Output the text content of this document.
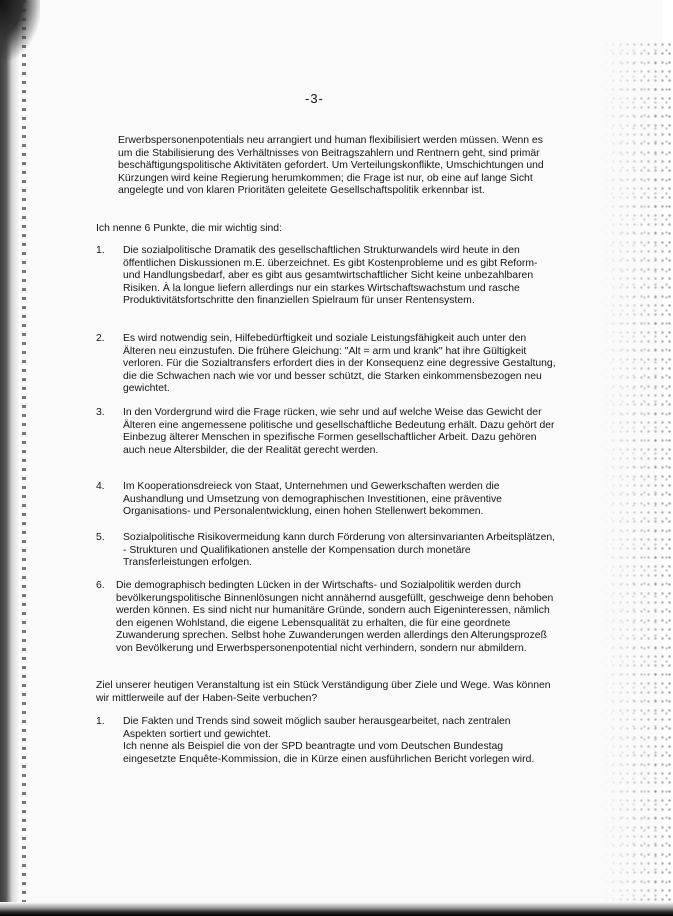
-3-
Erwerbspersonenpotentials neu arrangiert und human flexibilisiert werden müssen. Wenn es um die Stabilisierung des Verhältnisses von Beitragszahlern und Rentnern geht, sind primär beschäftigungspolitische Aktivitäten gefordert. Um Verteilungskonflikte, Umschichtungen und Kürzungen wird keine Regierung herumkommen; die Frage ist nur, ob eine auf lange Sicht angelegte und von klaren Prioritäten geleitete Gesellschaftspolitik erkennbar ist.
Ich nenne 6 Punkte, die mir wichtig sind:
1.	Die sozialpolitische Dramatik des gesellschaftlichen Strukturwandels wird heute in den öffentlichen Diskussionen m.E. überzeichnet. Es gibt Kostenprobleme und es gibt Reform- und Handlungsbedarf, aber es gibt aus gesamtwirtschaftlicher Sicht keine unbezahlbaren Risiken. À la longue liefern allerdings nur ein starkes Wirtschaftswachstum und rasche Produktivitätsfortschritte den finanziellen Spielraum für unser Rentensystem.
2.	Es wird notwendig sein, Hilfebedürftigkeit und soziale Leistungsfähigkeit auch unter den Älteren neu einzustufen. Die frühere Gleichung: "Alt = arm und krank" hat ihre Gültigkeit verloren. Für die Sozialtransfers erfordert dies in der Konsequenz eine degressive Gestaltung, die die Schwachen nach wie vor und besser schützt, die Starken einkommensbezogen neu gewichtet.
3.	In den Vordergrund wird die Frage rücken, wie sehr und auf welche Weise das Gewicht der Älteren eine angemessene politische und gesellschaftliche Bedeutung erhält. Dazu gehört der Einbezug älterer Menschen in spezifische Formen gesellschaftlicher Arbeit. Dazu gehören auch neue Altersbilder, die der Realität gerecht werden.
4.	Im Kooperationsdreieck von Staat, Unternehmen und Gewerkschaften werden die Aushandlung und Umsetzung von demographischen Investitionen, eine präventive Organisations- und Personalentwicklung, einen hohen Stellenwert bekommen.
5.	Sozialpolitische Risikovermeidung kann durch Förderung von altersinvarianten Arbeitsplätzen, - Strukturen und Qualifikationen anstelle der Kompensation durch monetäre Transferleistungen erfolgen.
6.	Die demographisch bedingten Lücken in der Wirtschafts- und Sozialpolitik werden durch bevölkerungspolitische Binnenlösungen nicht annähernd ausgefüllt, geschweige denn behoben werden können. Es sind nicht nur humanitäre Gründe, sondern auch Eigeninteressen, nämlich den eigenen Wohlstand, die eigene Lebensqualität zu erhalten, die für eine geordnete Zuwanderung sprechen. Selbst hohe Zuwanderungen werden allerdings den Alterungsprozeß von Bevölkerung und Erwerbspersonenpotential nicht verhindern, sondern nur abmildern.
Ziel unserer heutigen Veranstaltung ist ein Stück Verständigung über Ziele und Wege. Was können wir mittlerweile auf der Haben-Seite verbuchen?
1.	Die Fakten und Trends sind soweit möglich sauber herausgearbeitet, nach zentralen Aspekten sortiert und gewichtet.
Ich nenne als Beispiel die von der SPD beantragte und vom Deutschen Bundestag eingesetzte Enquête-Kommission, die in Kürze einen ausführlichen Bericht vorlegen wird.
